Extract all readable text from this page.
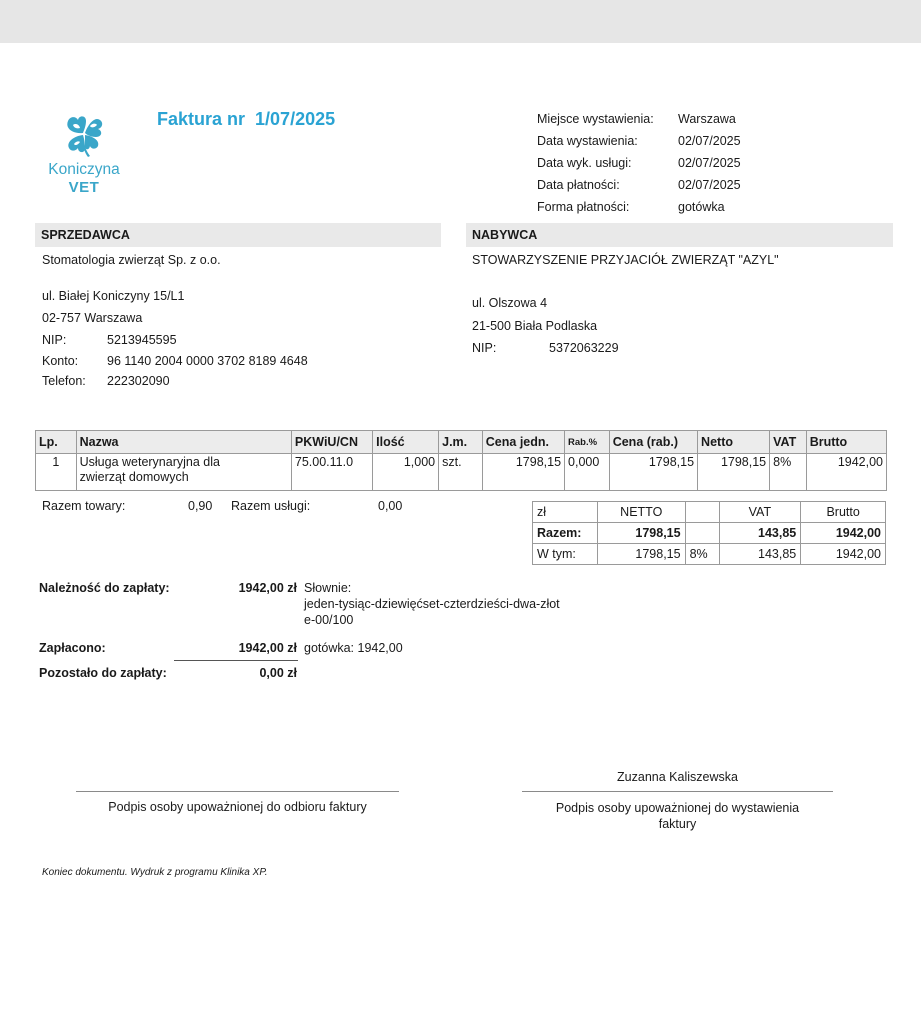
Koniczyna
VET
Faktura nr 1/07/2025	Miejsce wystawienia:	Warszawa
Data wystawienia:	02/07/2025
Data wyk. usługi:	02/07/2025
Data płatności:	02/07/2025
Forma płatności:	gotówka
SPRZEDAWCA
Stomatologia zwierząt Sp. z o.o.
ul. Białej Koniczyny 15/L1
02-757 Warszawa
NIP:	5213945595
Konto: 96 1140 2004 0000 3702 8189 4648
Telefon: 222302090
NABYWCA
STOWARZYSZENIE PRZYJACIÓŁ ZWIERZĄT "AZYL"
ul. Olszowa 4
21-500 Biała Podlaska
NIP:	5372063229
Lp.	Nazwa	PKWiU/CN	Ilość	J.m.	Cena jedn.	Rab.%	Cena (rab.)	Netto	VAT	Brutto
1	Usługa weterynaryjna dla
zwierząt domowych	75.00.11.0	1,000	szt.	1798,15	0,000	1798,15	1798,15	8%	1942,00
Razem towary:	0,90 Razem usługi:	0,00	zł	NETTO		VAT	Brutto
Razem:	1798,15		143,85	1942,00
W tym:	1798,15	8%	143,85	1942,00
Należność do zapłaty:	1942,00 zł Słownie:
jeden-tysiąc-dziewięćset-czterdzieści-dwa-złot
e-00/100
Zapłacono:	1942,00 zł gotówka: 1942,00
Pozostało do zapłaty:	0,00 zł
Zuzanna Kaliszewska
Podpis osoby upoważnionej do odbioru faktury	Podpis osoby upoważnionej do wystawienia
faktury
Koniec dokumentu. Wydruk z programu Klinika XP.
